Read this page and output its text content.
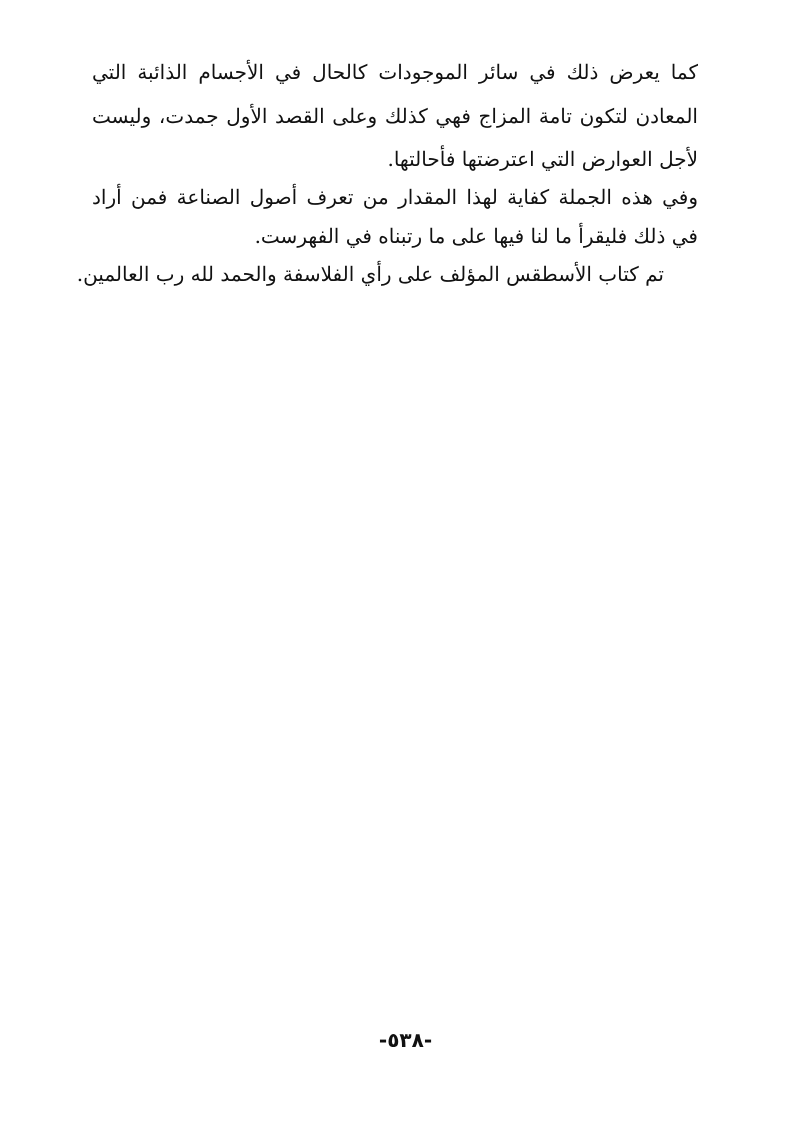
كما يعرض ذلك في سائر الموجودات كالحال في الأجسام الذائبة التي
المعادن لتكون تامة المزاج فهي كذلك وعلى القصد الأول جمدت، وليست
لأجل العوارض التي اعترضتها فأحالتها.
وفي هذه الجملة كفاية لهذا المقدار من تعرف أصول الصناعة فمن أراد
في ذلك فليقرأ ما لنا فيها على ما رتبناه في الفهرست.
تم كتاب الأسطقس المؤلف على رأي الفلاسفة والحمد لله رب العالمين.
-٥٣٨-
